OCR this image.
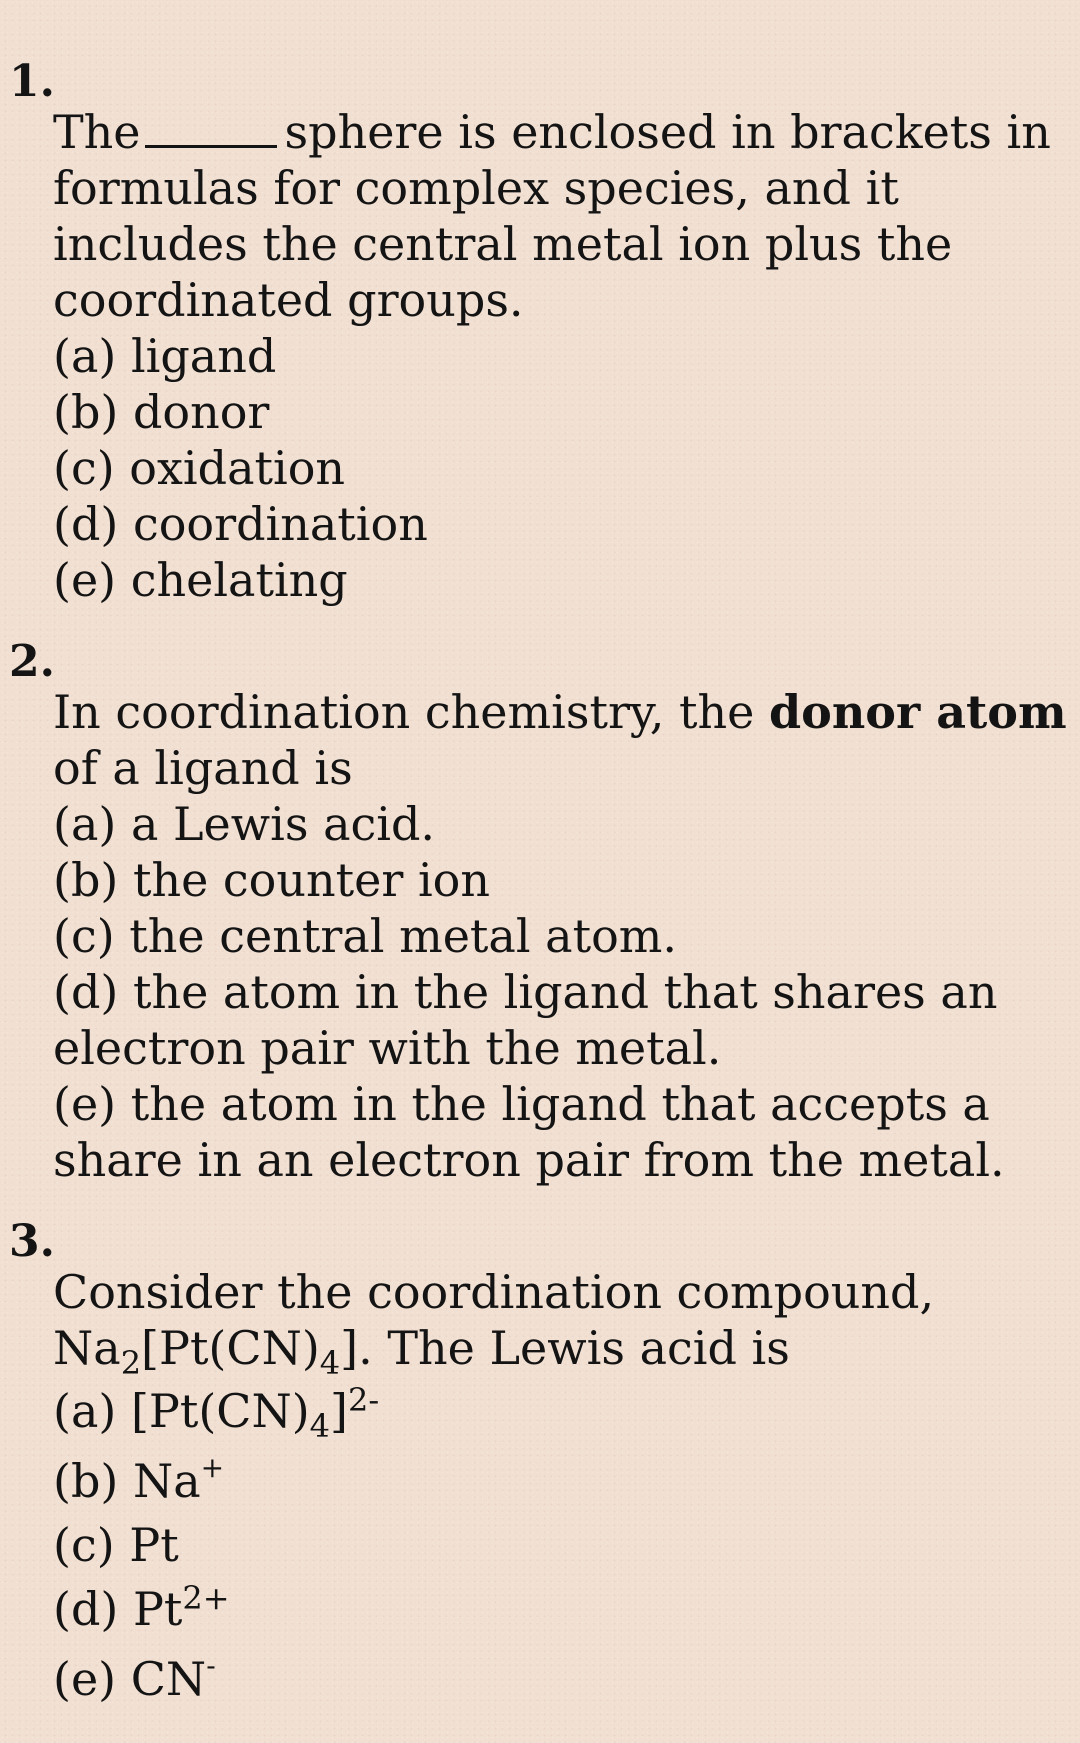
1.
The	sphere is enclosed in brackets in
formulas for complex species, and it
includes the central metal ion plus the
coordinated groups.
(a) ligand
(b) donor
(c) oxidation
(d) coordination
(e) chelating
2.
In coordination chemistry, the donor atom
of a ligand is
(a) a Lewis acid.
(b) the counter ion
(c) the central metal atom.
(d) the atom in the ligand that shares an
electron pair with the metal.
(e) the atom in the ligand that accepts a
share in an electron pair from the metal.
3.
Consider the coordination compound,
$Na_2[Pt(CN)_4]$. The Lewis acid is
(a) $[Pt(CN)_4]^{2-}$
(b) Na+
(c) Pt
(d) $Pt^{2+}$
(e) CN-
